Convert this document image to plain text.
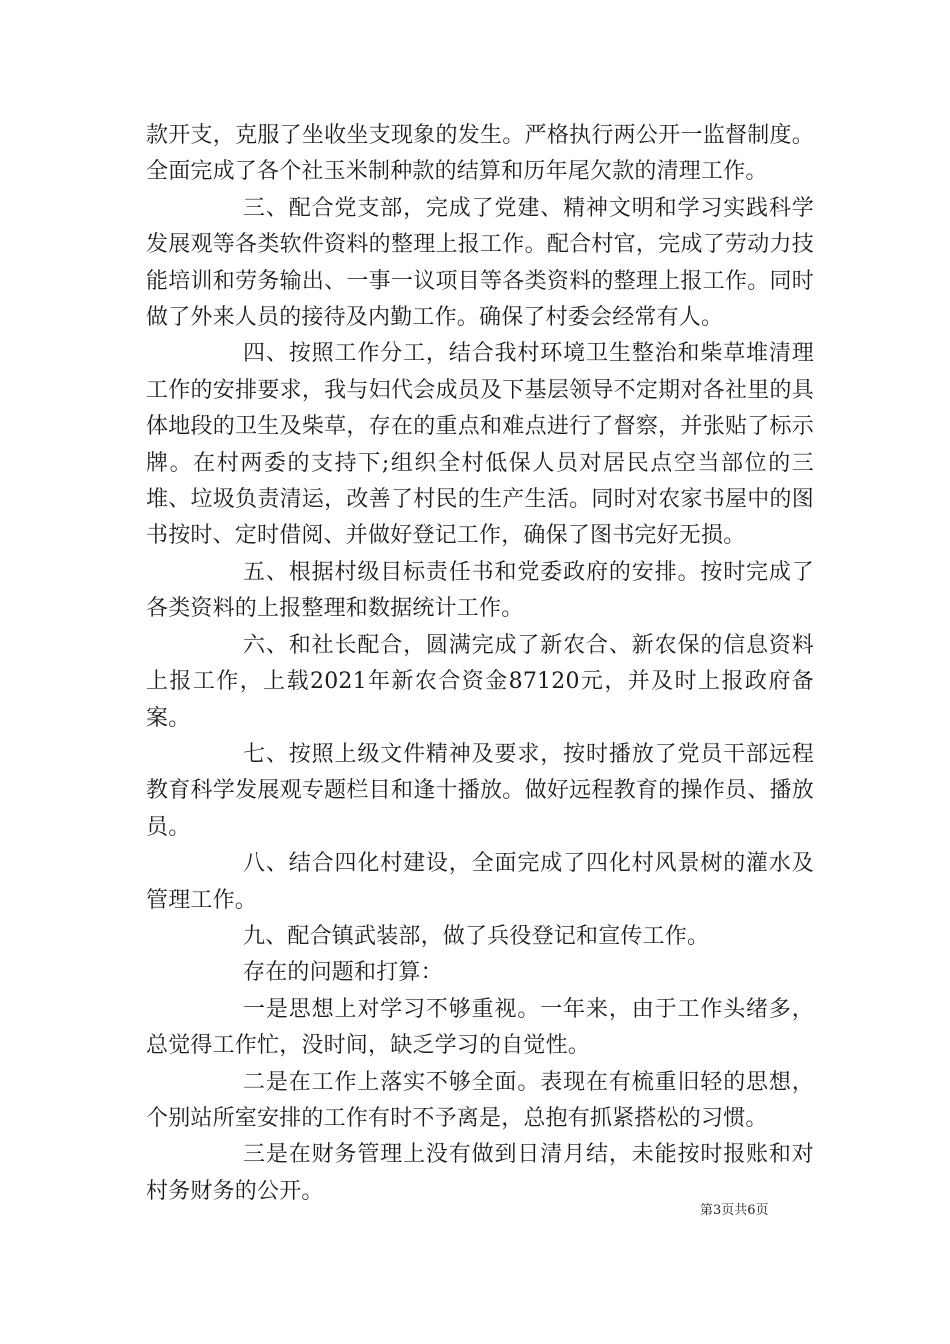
款开支，克服了坐收坐支现象的发生。严格执行两公开一监督制度。全面完成了各个社玉米制种款的结算和历年尾欠款的清理工作。

三、配合党支部，完成了党建、精神文明和学习实践科学发展观等各类软件资料的整理上报工作。配合村官，完成了劳动力技能培训和劳务输出、一事一议项目等各类资料的整理上报工作。同时做了外来人员的接待及内勤工作。确保了村委会经常有人。

四、按照工作分工，结合我村环境卫生整治和柴草堆清理工作的安排要求，我与妇代会成员及下基层领导不定期对各社里的具体地段的卫生及柴草，存在的重点和难点进行了督察，并张贴了标示牌。在村两委的支持下;组织全村低保人员对居民点空当部位的三堆、垃圾负责清运，改善了村民的生产生活。同时对农家书屋中的图书按时、定时借阅、并做好登记工作，确保了图书完好无损。

五、根据村级目标责任书和党委政府的安排。按时完成了各类资料的上报整理和数据统计工作。

六、和社长配合，圆满完成了新农合、新农保的信息资料上报工作，上载2021年新农合资金87120元，并及时上报政府备案。

七、按照上级文件精神及要求，按时播放了党员干部远程教育科学发展观专题栏目和逢十播放。做好远程教育的操作员、播放员。

八、结合四化村建设，全面完成了四化村风景树的灌水及管理工作。

九、配合镇武装部，做了兵役登记和宣传工作。

存在的问题和打算：

一是思想上对学习不够重视。一年来，由于工作头绪多，总觉得工作忙，没时间，缺乏学习的自觉性。

二是在工作上落实不够全面。表现在有梳重旧轻的思想，个别站所室安排的工作有时不予离是，总抱有抓紧搭松的习惯。

三是在财务管理上没有做到日清月结，未能按时报账和对村务财务的公开。

第3页共6页
